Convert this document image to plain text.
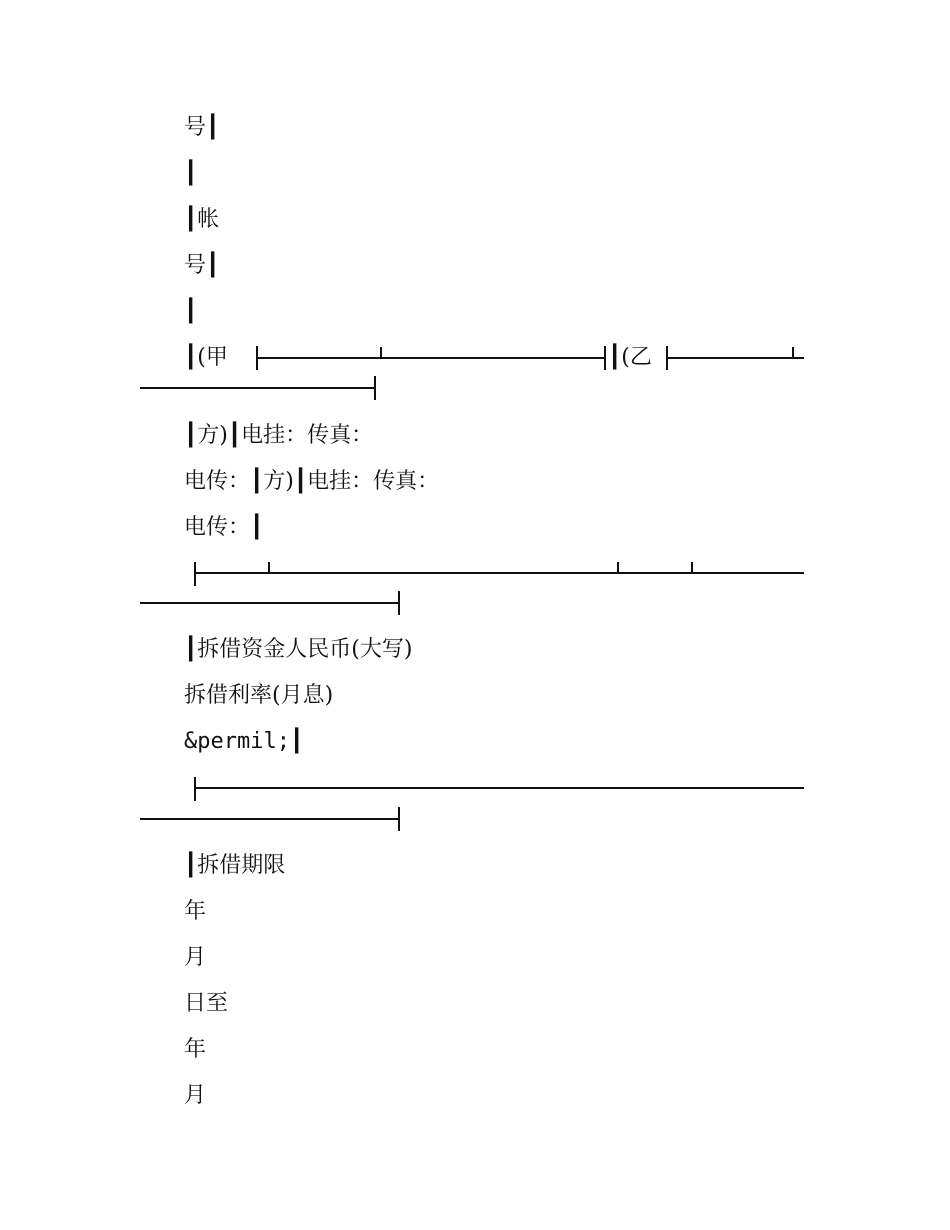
号┃
┃
┃帐
号┃
┃
┃(甲	┃(乙
┃方)┃电挂：传真：
电传：┃方)┃电挂：传真：
电传：┃
┃拆借资金人民币(大写)
拆借利率(月息)
&permil;┃
┃拆借期限
年
月
日至
年
月
